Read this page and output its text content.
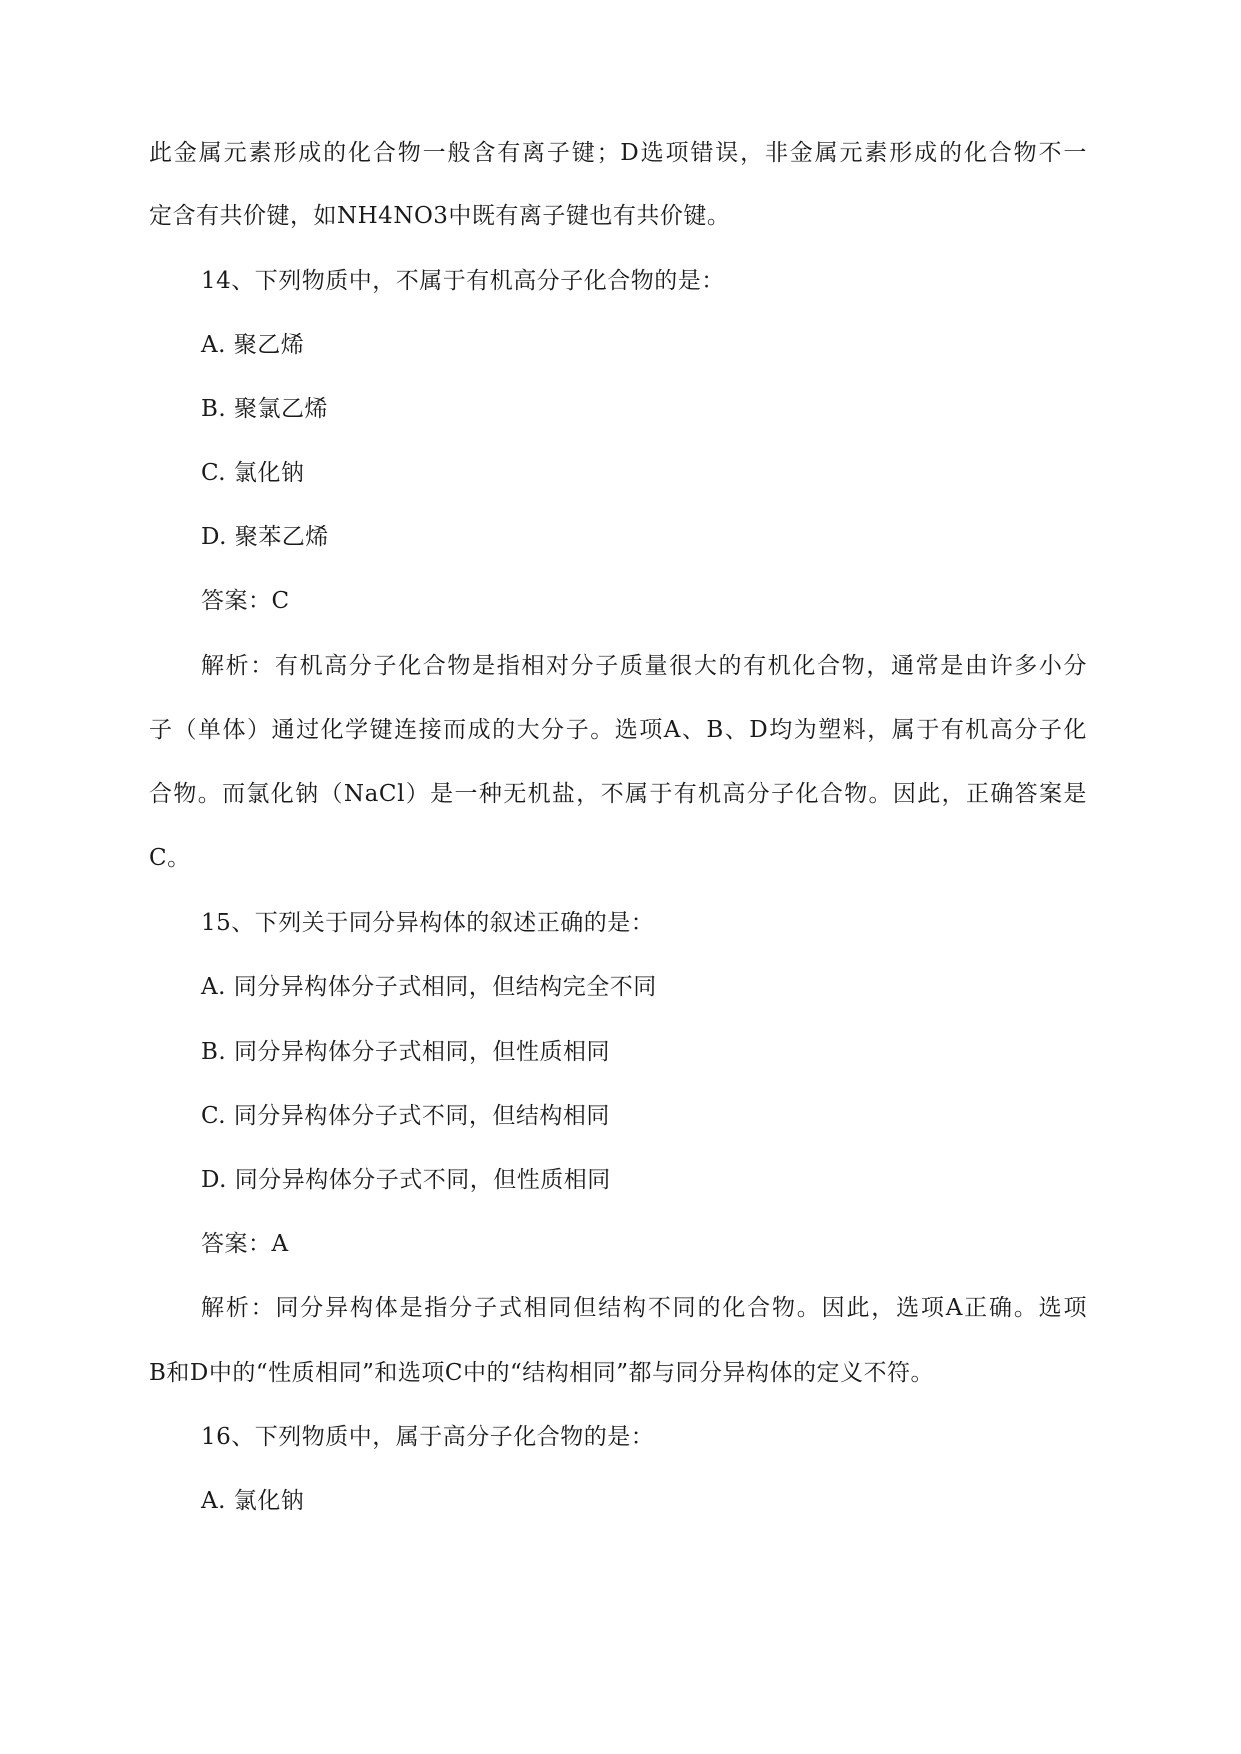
此金属元素形成的化合物一般含有离子键；D选项错误，非金属元素形成的化合物不一
定含有共价键，如NH4NO3中既有离子键也有共价键。
14、下列物质中，不属于有机高分子化合物的是：
A. 聚乙烯
B. 聚氯乙烯
C. 氯化钠
D. 聚苯乙烯
答案：C
解析：有机高分子化合物是指相对分子质量很大的有机化合物，通常是由许多小分
子（单体）通过化学键连接而成的大分子。选项A、B、D均为塑料，属于有机高分子化
合物。而氯化钠（NaCl）是一种无机盐，不属于有机高分子化合物。因此，正确答案是
C。
15、下列关于同分异构体的叙述正确的是：
A. 同分异构体分子式相同，但结构完全不同
B. 同分异构体分子式相同，但性质相同
C. 同分异构体分子式不同，但结构相同
D. 同分异构体分子式不同，但性质相同
答案：A
解析：同分异构体是指分子式相同但结构不同的化合物。因此，选项A正确。选项
B和D中的“性质相同”和选项C中的“结构相同”都与同分异构体的定义不符。
16、下列物质中，属于高分子化合物的是：
A. 氯化钠
